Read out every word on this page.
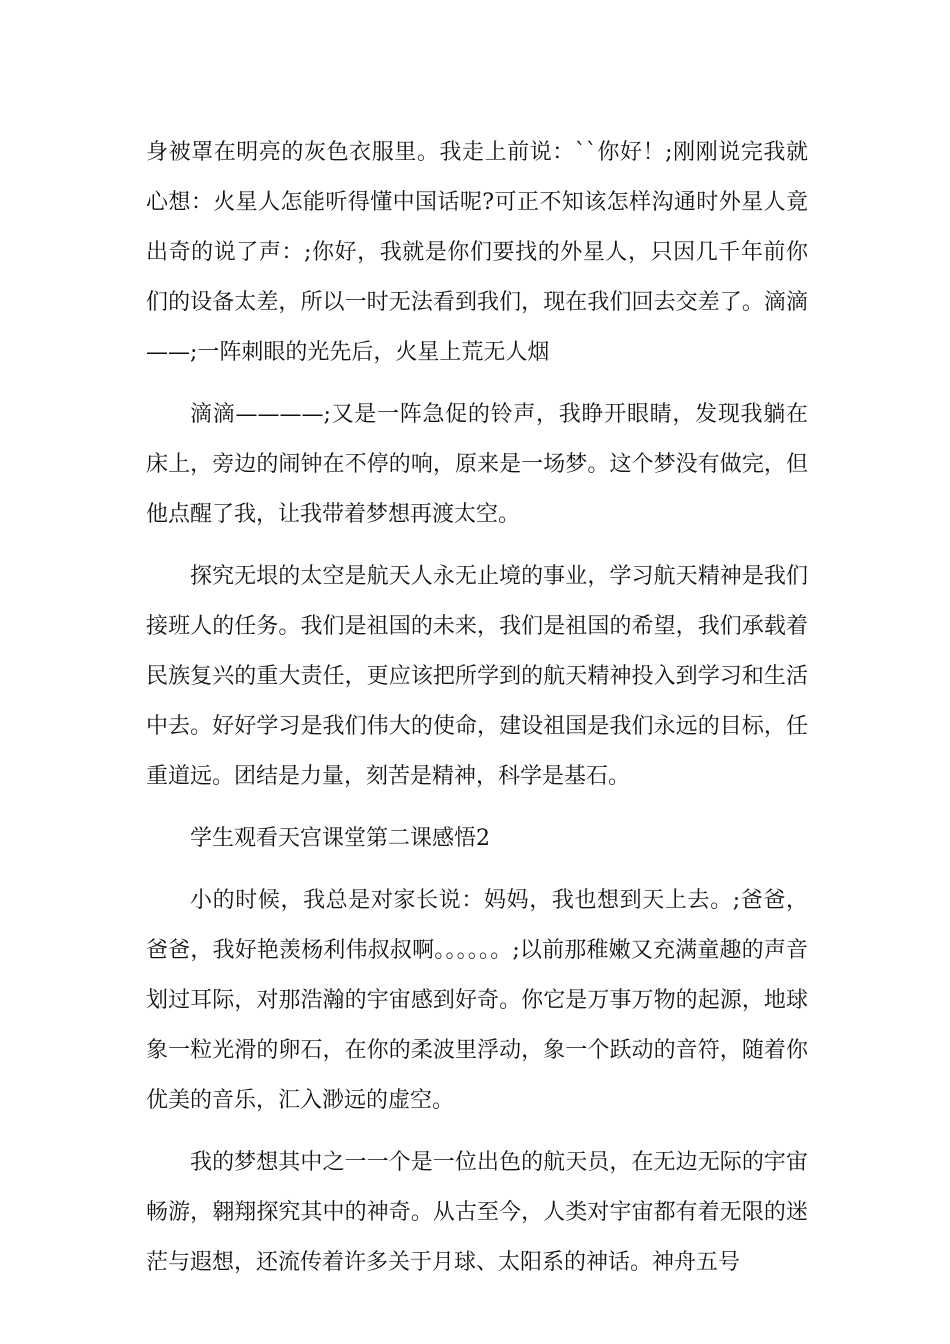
身被罩在明亮的灰色衣服里。我走上前说：``你好！;刚刚说完我就心想：火星人怎能听得懂中国话呢?可正不知该怎样沟通时外星人竟出奇的说了声：;你好，我就是你们要找的外星人，只因几千年前你们的设备太差，所以一时无法看到我们，现在我们回去交差了。滴滴——;一阵刺眼的光先后，火星上荒无人烟

滴滴————;又是一阵急促的铃声，我睁开眼睛，发现我躺在床上，旁边的闹钟在不停的响，原来是一场梦。这个梦没有做完，但他点醒了我，让我带着梦想再渡太空。

探究无垠的太空是航天人永无止境的事业，学习航天精神是我们接班人的任务。我们是祖国的未来，我们是祖国的希望，我们承载着民族复兴的重大责任，更应该把所学到的航天精神投入到学习和生活中去。好好学习是我们伟大的使命，建设祖国是我们永远的目标，任重道远。团结是力量，刻苦是精神，科学是基石。

学生观看天宫课堂第二课感悟2

小的时候，我总是对家长说：妈妈，我也想到天上去。;爸爸，爸爸，我好艳羡杨利伟叔叔啊。。。。。。;以前那稚嫩又充满童趣的声音划过耳际，对那浩瀚的宇宙感到好奇。你它是万事万物的起源，地球象一粒光滑的卵石，在你的柔波里浮动，象一个跃动的音符，随着你优美的音乐，汇入渺远的虚空。

我的梦想其中之一一个是一位出色的航天员，在无边无际的宇宙畅游，翱翔探究其中的神奇。从古至今，人类对宇宙都有着无限的迷茫与遐想，还流传着许多关于月球、太阳系的神话。神舟五号
